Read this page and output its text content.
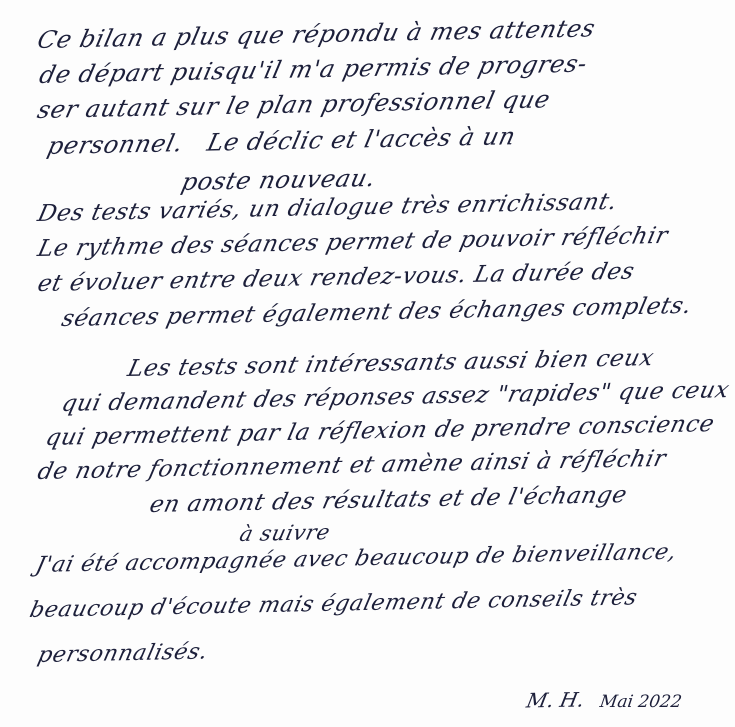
Ce bilan a plus que répondu à mes attentes
de départ puisqu'il m'a permis de progres-
ser autant sur le plan professionnel que
personnel.   Le déclic et l'accès à un
poste nouveau.
Des tests variés, un dialogue très enrichissant.
Le rythme des séances permet de pouvoir réfléchir
et évoluer entre deux rendez-vous. La durée des
séances permet également des échanges complets.
Les tests sont intéressants aussi bien ceux
qui demandent des réponses assez "rapides" que ceux
qui permettent par la réflexion de prendre conscience
de notre fonctionnement et amène ainsi à réfléchir
en amont des résultats et de l'échange
à suivre
J'ai été accompagnée avec beaucoup de bienveillance,
beaucoup d'écoute mais également de conseils très
personnalisés.
M. H. Mai 2022
